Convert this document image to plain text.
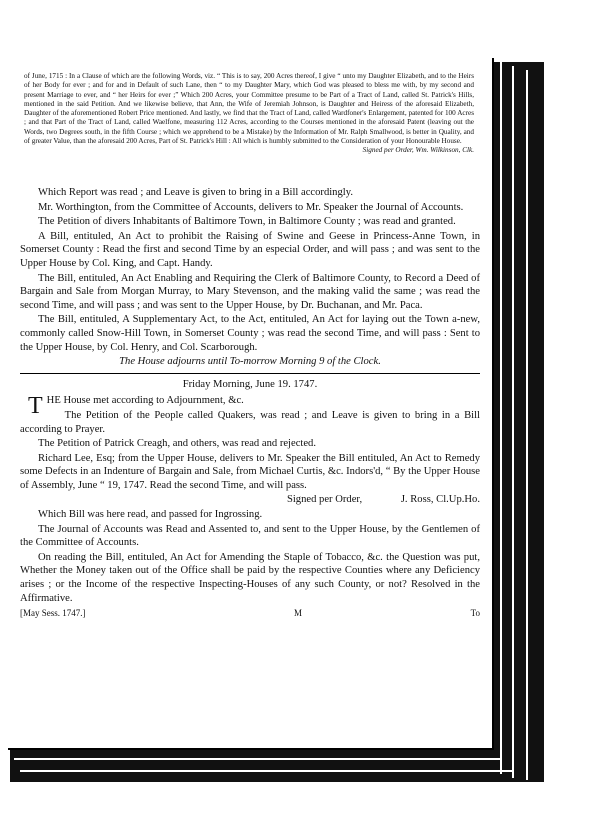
of June, 1715 : In a Clause of which are the following Words, viz. “ This is to say, 200 Acres thereof, I give “ unto my Daughter Elizabeth, and to the Heirs of her Body for ever ; and for and in Default of such Lane, then “ to my Daughter Mary, which God was pleased to bless me with, by my second and present Marriage to ever, and “ her Heirs for ever ;” Which 200 Acres, your Committee presume to be Part of a Tract of Land, called St. Patrick's Hills, mentioned in the said Petition. And we likewise believe, that Ann, the Wife of Jeremiah Johnson, is Daughter and Heiress of the aforesaid Elizabeth, Daughter of the aforementioned Robert Price mentioned. And lastly, we find that the Tract of Land, called Wardfoner's Enlargement, patented for 100 Acres ; and that Part of the Tract of Land, called Waelfone, measuring 112 Acres, according to the Courses mentioned in the aforesaid Patent (leaving out the Words, two Degrees south, in the fifth Course ; which we apprehend to be a Mistake) by the Information of Mr. Ralph Smallwood, is better in Quality, and of greater Value, than the aforesaid 200 Acres, Part of St. Patrick's Hill : All which is humbly submitted to the Consideration of your Honourable House.

Signed per Order, Wm. Wilkinson, Clk.

Which Report was read ; and Leave is given to bring in a Bill accordingly.

Mr. Worthington, from the Committee of Accounts, delivers to Mr. Speaker the Journal of Accounts.

The Petition of divers Inhabitants of Baltimore Town, in Baltimore County ; was read and granted.

A Bill, entituled, An Act to prohibit the Raising of Swine and Geese in Princess-Anne Town, in Somerset County : Read the first and second Time by an especial Order, and will pass ; and was sent to the Upper House by Col. King, and Capt. Handy.

The Bill, entituled, An Act Enabling and Requiring the Clerk of Baltimore County, to Record a Deed of Bargain and Sale from Morgan Murray, to Mary Stevenson, and the making valid the same ; was read the second Time, and will pass ; and was sent to the Upper House, by Dr. Buchanan, and Mr. Paca.

The Bill, entituled, A Supplementary Act, to the Act, entituled, An Act for laying out the Town a-new, commonly called Snow-Hill Town, in Somerset County ; was read the second Time, and will pass : Sent to the Upper House, by Col. Henry, and Col. Scarborough.

The House adjourns until To-morrow Morning 9 of the Clock.

Friday Morning, June 19. 1747.

T HE House met according to Adjournment, &c.

The Petition of the People called Quakers, was read ; and Leave is given to bring in a Bill according to Prayer.

The Petition of Patrick Creagh, and others, was read and rejected.

Richard Lee, Esq; from the Upper House, delivers to Mr. Speaker the Bill entituled, An Act to Remedy some Defects in an Indenture of Bargain and Sale, from Michael Curtis, &c. Indors'd, “ By the Upper House of Assembly, June “ 19, 1747. Read the second Time, and will pass.

Signed per Order,	J. Ross, Cl.Up.Ho.

Which Bill was here read, and passed for Ingrossing.

The Journal of Accounts was Read and Assented to, and sent to the Upper House, by the Gentlemen of the Committee of Accounts.

On reading the Bill, entituled, An Act for Amending the Staple of Tobacco, &c. the Question was put, Whether the Money taken out of the Office shall be paid by the respective Counties where any Deficiency arises ; or the Income of the respective Inspecting-Houses of any such County, or not? Resolved in the Affirmative.

[May Sess. 1747.]	M	To
